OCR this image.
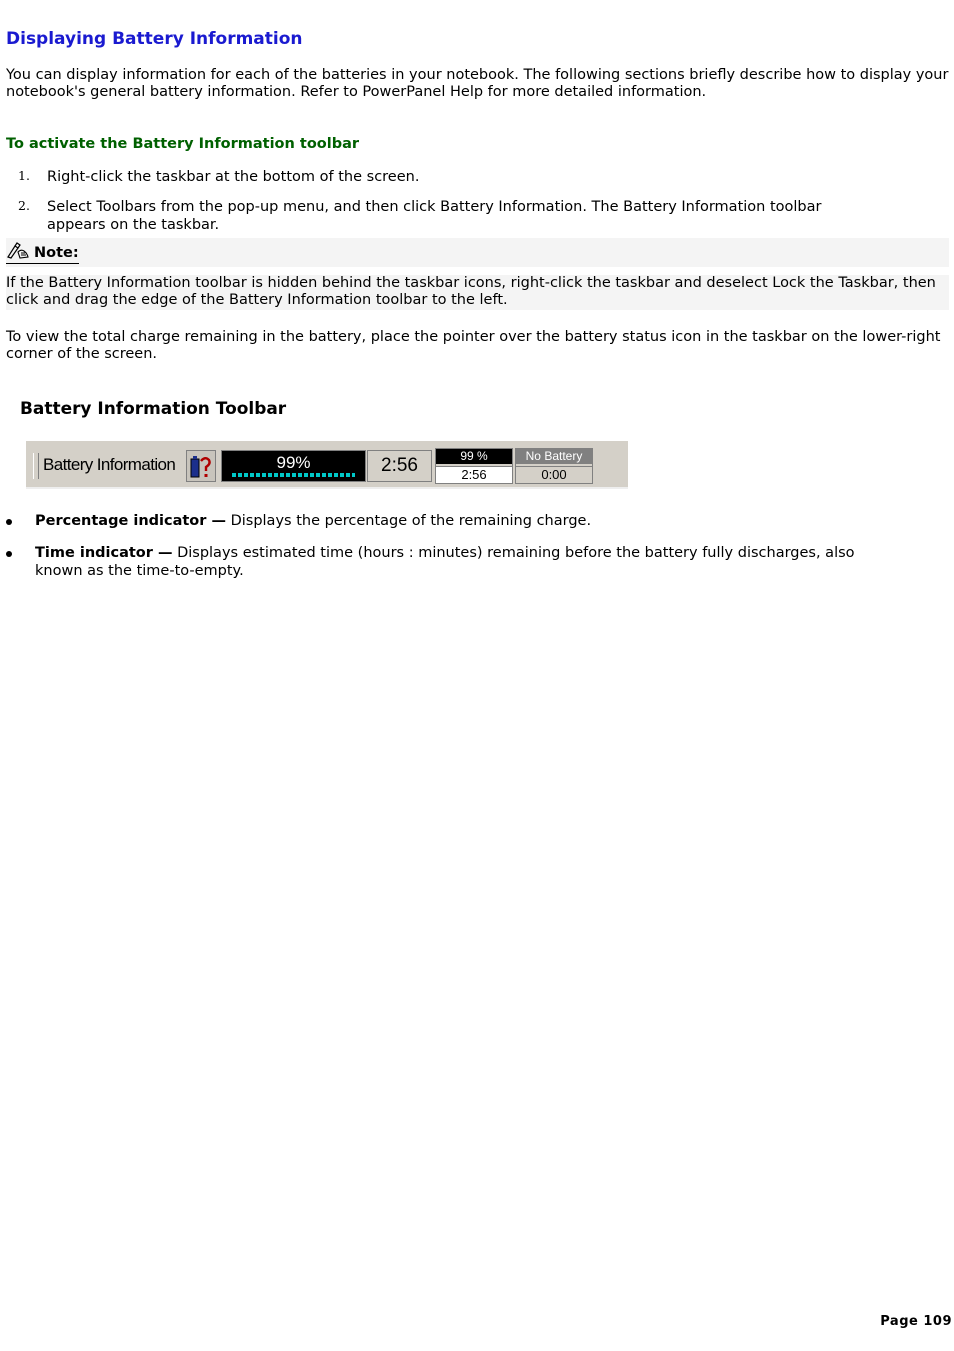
Displaying Battery Information

You can display information for each of the batteries in your notebook. The following sections briefly describe how to display your notebook's general battery information. Refer to PowerPanel Help for more detailed information.

To activate the Battery Information toolbar
1. Right-click the taskbar at the bottom of the screen.
2. Select Toolbars from the pop-up menu, and then click Battery Information. The Battery Information toolbar appears on the taskbar.
Note:

If the Battery Information toolbar is hidden behind the taskbar icons, right-click the taskbar and deselect Lock the Taskbar, then click and drag the edge of the Battery Information toolbar to the left.

To view the total charge remaining in the battery, place the pointer over the battery status icon in the taskbar on the lower-right corner of the screen.

Battery Information Toolbar
Battery Information	99%	2:56	99 %
2:56
No Battery
0:00
Percentage indicator — Displays the percentage of the remaining charge.
Time indicator — Displays estimated time (hours : minutes) remaining before the battery fully discharges, also known as the time-to-empty.
Page 109
